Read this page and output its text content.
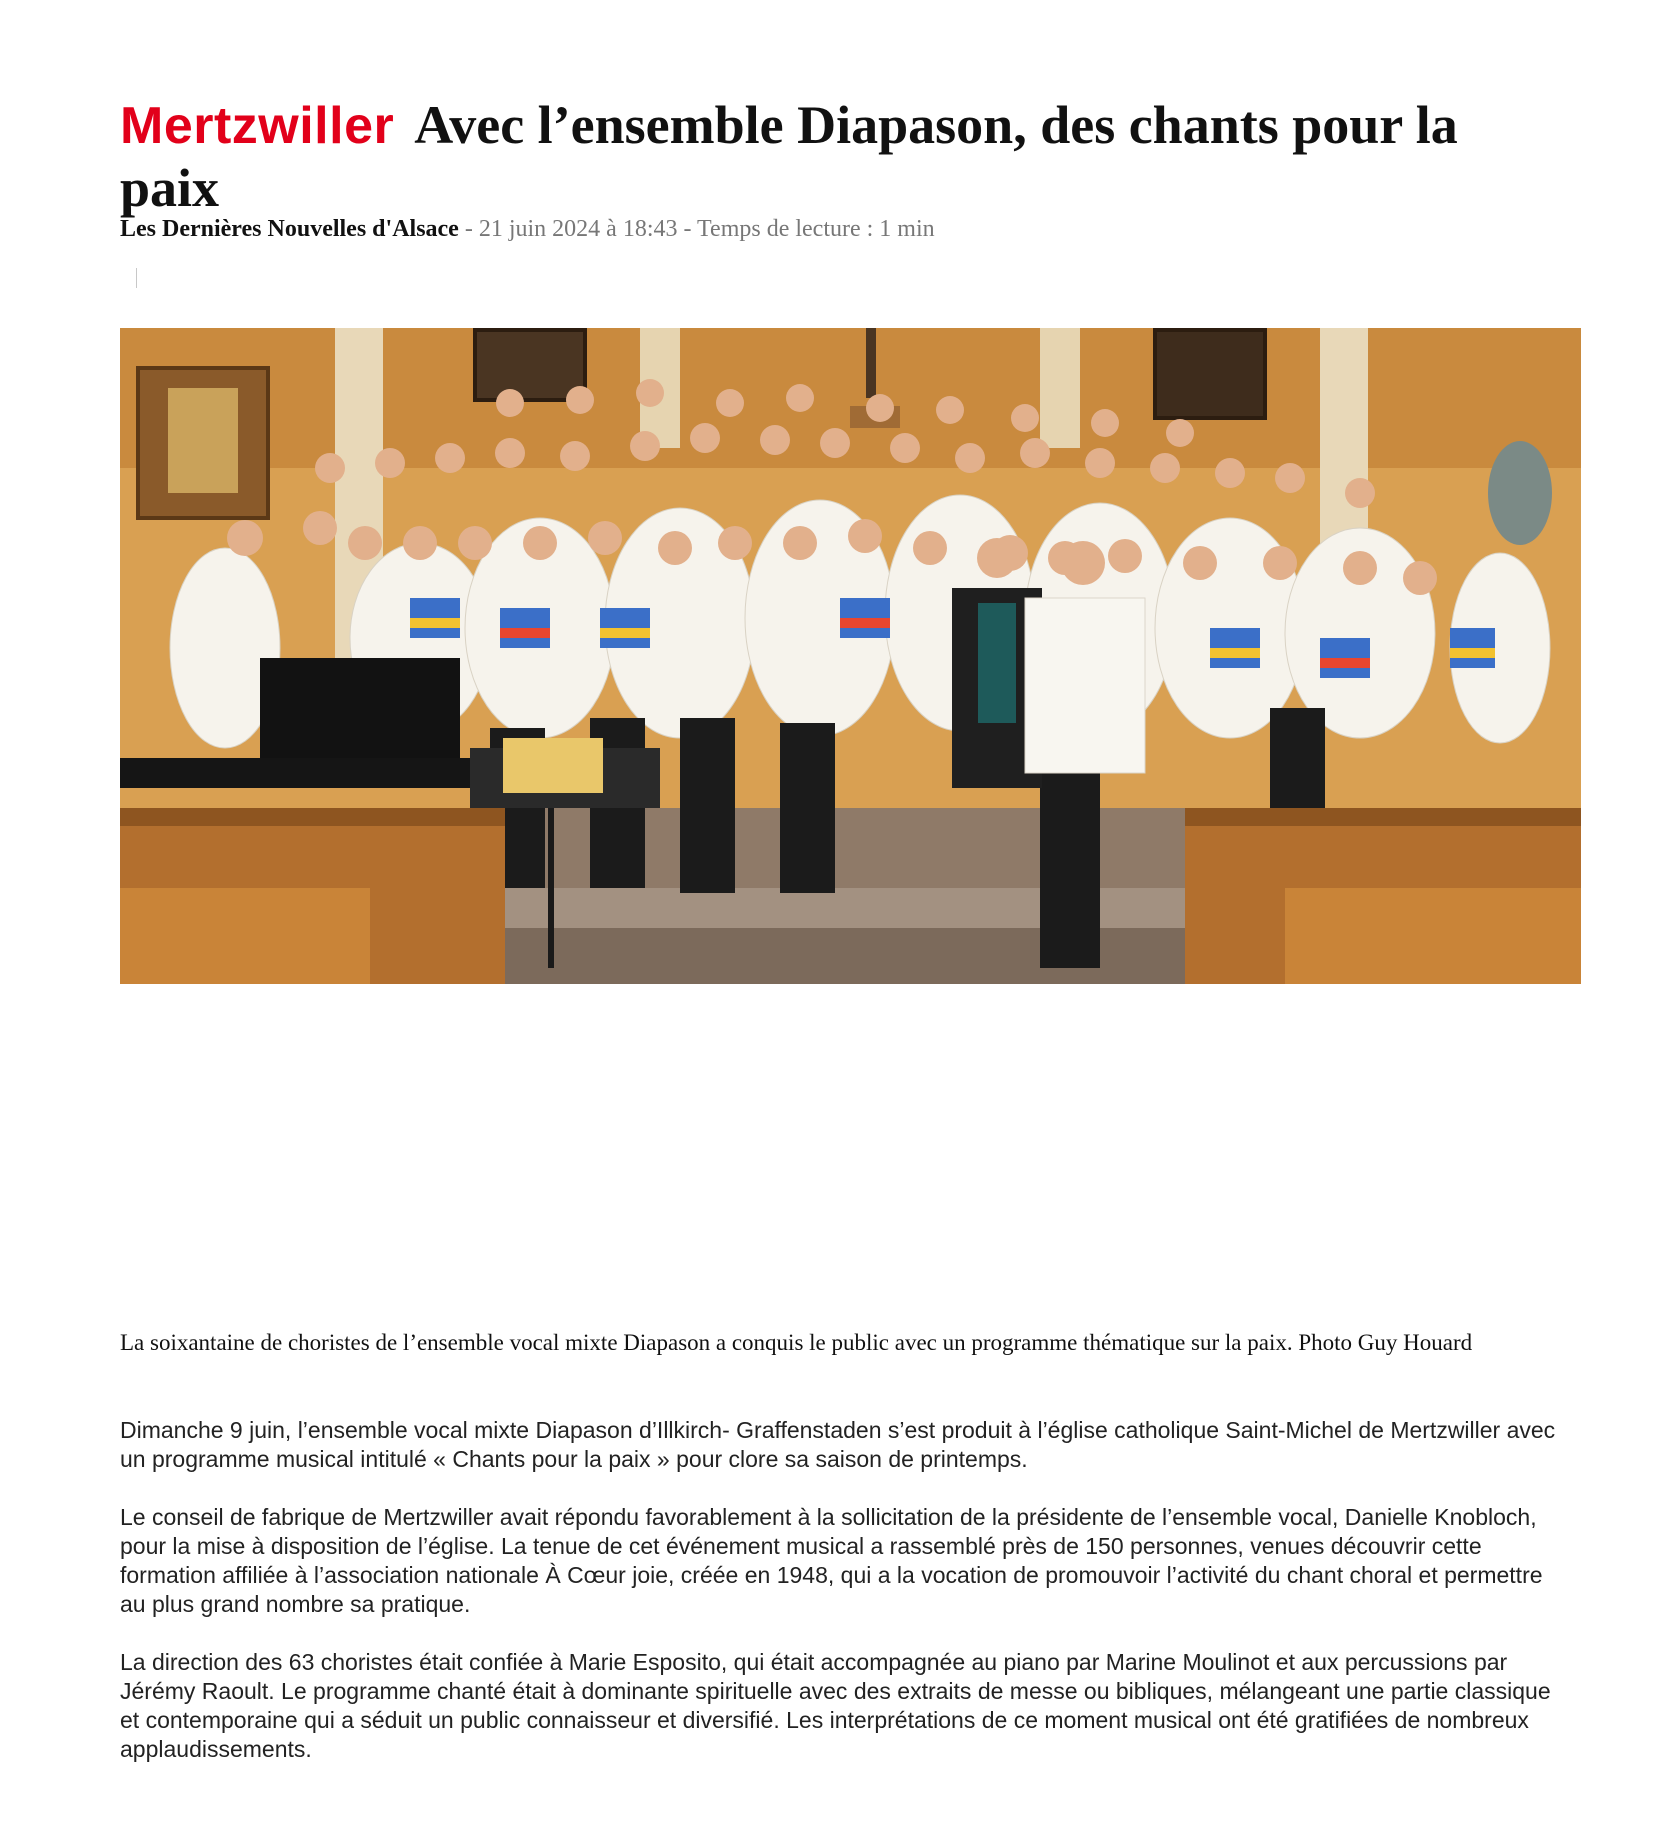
Mertzwiller Avec l’ensemble Diapason, des chants pour la paix
Les Dernières Nouvelles d'Alsace - 21 juin 2024 à 18:43 - Temps de lecture : 1 min

La soixantaine de choristes de l’ensemble vocal mixte Diapason a conquis le public avec un programme thématique sur la paix. Photo Guy Houard

Dimanche 9 juin, l’ensemble vocal mixte Diapason d’Illkirch- Graffenstaden s’est produit à l’église catholique Saint-Michel de Mertzwiller avec un programme musical intitulé « Chants pour la paix » pour clore sa saison de printemps.

Le conseil de fabrique de Mertzwiller avait répondu favorablement à la sollicitation de la présidente de l’ensemble vocal, Danielle Knobloch, pour la mise à disposition de l’église. La tenue de cet événement musical a rassemblé près de 150 personnes, venues découvrir cette formation affiliée à l’association nationale À Cœur joie, créée en 1948, qui a la vocation de promouvoir l’activité du chant choral et permettre au plus grand nombre sa pratique.

La direction des 63 choristes était confiée à Marie Esposito, qui était accompagnée au piano par Marine Moulinot et aux percussions par Jérémy Raoult. Le programme chanté était à dominante spirituelle avec des extraits de messe ou bibliques, mélangeant une partie classique et contemporaine qui a séduit un public connaisseur et diversifié. Les interprétations de ce moment musical ont été gratifiées de nombreux applaudissements.
